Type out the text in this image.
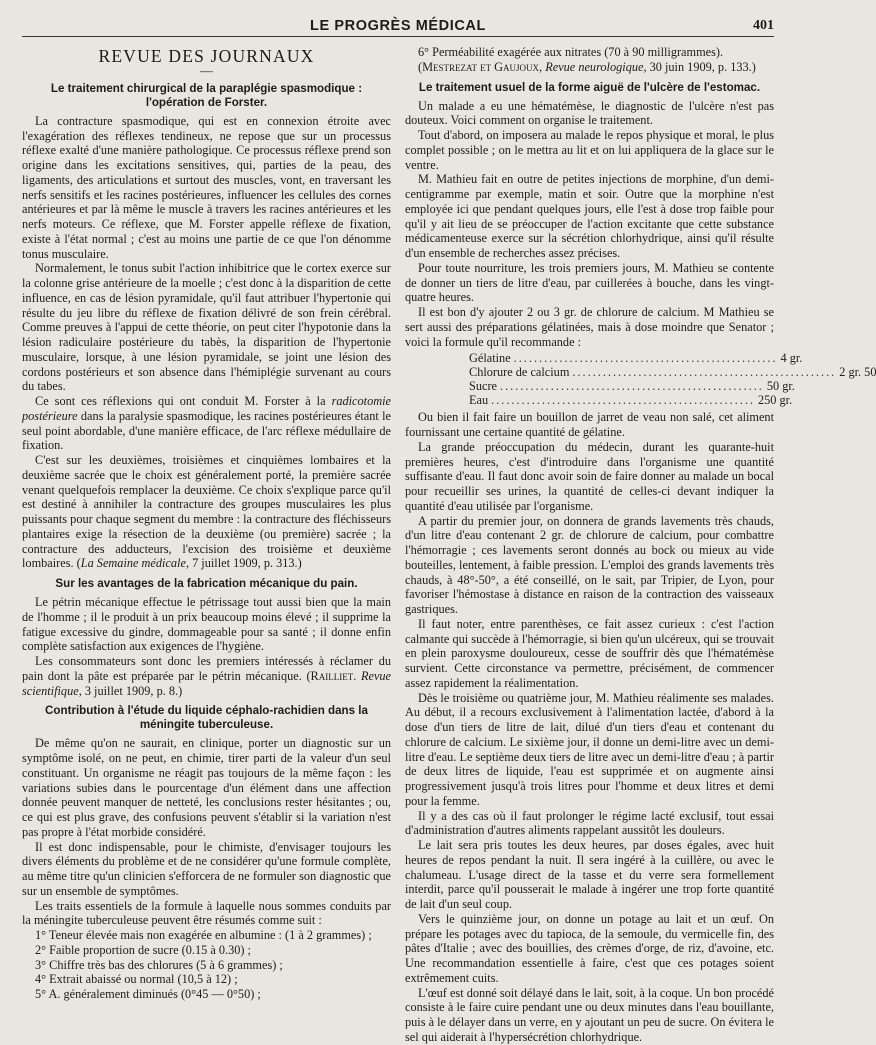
LE PROGRÈS MÉDICAL	401
REVUE DES JOURNAUX
—
Le traitement chirurgical de la paraplégie spasmodique : l'opération de Forster.

La contracture spasmodique, qui est en connexion étroite avec l'exagération des réflexes tendineux, ne repose que sur un processus réflexe exalté d'une manière pathologique. Ce processus réflexe prend son origine dans les excitations sensitives, qui, parties de la peau, des ligaments, des articulations et surtout des muscles, vont, en traversant les nerfs sensitifs et les racines postérieures, influencer les cellules des cornes antérieures et par là même le muscle à travers les racines antérieures et les nerfs moteurs. Ce réflexe, que M. Forster appelle réflexe de fixation, existe à l'état normal ; c'est au moins une partie de ce que l'on dénomme tonus musculaire.

Normalement, le tonus subit l'action inhibitrice que le cortex exerce sur la colonne grise antérieure de la moelle ; c'est donc à la disparition de cette influence, en cas de lésion pyramidale, qu'il faut attribuer l'hypertonie qui résulte du jeu libre du réflexe de fixation délivré de son frein cérébral. Comme preuves à l'appui de cette théorie, on peut citer l'hypotonie dans la lésion radiculaire postérieure du tabès, la disparition de l'hypertonie musculaire, lorsque, à une lésion pyramidale, se joint une lésion des cordons postérieurs et son absence dans l'hémiplégie survenant au cours du tabes.

Ce sont ces réflexions qui ont conduit M. Forster à la radicotomie postérieure dans la paralysie spasmodique, les racines postérieures étant le seul point abordable, d'une manière efficace, de l'arc réflexe médullaire de fixation.

C'est sur les deuxièmes, troisièmes et cinquièmes lombaires et la deuxième sacrée que le choix est généralement porté, la première sacrée venant quelquefois remplacer la deuxième. Ce choix s'explique parce qu'il est destiné à annihiler la contracture des groupes musculaires les plus puissants pour chaque segment du membre : la contracture des fléchisseurs plantaires exige la résection de la deuxième (ou première) sacrée ; la contracture des adducteurs, l'excision des troisième et deuxième lombaires. (La Semaine médicale, 7 juillet 1909, p. 313.)

Sur les avantages de la fabrication mécanique du pain.

Le pétrin mécanique effectue le pétrissage tout aussi bien que la main de l'homme ; il le produit à un prix beaucoup moins élevé ; il supprime la fatigue excessive du gindre, dommageable pour sa santé ; il donne enfin complète satisfaction aux exigences de l'hygiène.

Les consommateurs sont donc les premiers intéressés à réclamer du pain dont la pâte est préparée par le pétrin mécanique. (Railliet. Revue scientifique, 3 juillet 1909, p. 8.)

Contribution à l'étude du liquide céphalo-rachidien dans la méningite tuberculeuse.

De même qu'on ne saurait, en clinique, porter un diagnostic sur un symptôme isolé, on ne peut, en chimie, tirer parti de la valeur d'un seul constituant. Un organisme ne réagit pas toujours de la même façon : les variations subies dans le pourcentage d'un élément dans une affection donnée peuvent manquer de netteté, les conclusions rester hésitantes ; ou, ce qui est plus grave, des confusions peuvent s'établir si la variation n'est pas propre à l'état morbide considéré.

Il est donc indispensable, pour le chimiste, d'envisager toujours les divers éléments du problème et de ne considérer qu'une formule complète, au même titre qu'un clinicien s'efforcera de ne formuler son diagnostic que sur un ensemble de symptômes.

Les traits essentiels de la formule à laquelle nous sommes conduits par la méningite tuberculeuse peuvent être résumés comme suit :

1° Teneur élevée mais non exagérée en albumine : (1 à 2 grammes) ;
2° Faible proportion de sucre (0.15 à 0.30) ;
3° Chiffre très bas des chlorures (5 à 6 grammes) ;
4° Extrait abaissé ou normal (10,5 à 12) ;
5° A. généralement diminués (0°45 — 0°50) ;
6° Perméabilité exagérée aux nitrates (70 à 90 milligrammes).
(Mestrezat et Gaujoux, Revue neurologique, 30 juin 1909, p. 133.)
Le traitement usuel de la forme aiguë de l'ulcère de l'estomac.

Un malade a eu une hématémèse, le diagnostic de l'ulcère n'est pas douteux. Voici comment on organise le traitement.

Tout d'abord, on imposera au malade le repos physique et moral, le plus complet possible ; on le mettra au lit et on lui appliquera de la glace sur le ventre.

M. Mathieu fait en outre de petites injections de morphine, d'un demi-centigramme par exemple, matin et soir. Outre que la morphine n'est employée ici que pendant quelques jours, elle l'est à dose trop faible pour qu'il y ait lieu de se préoccuper de l'action excitante que cette substance médicamenteuse exerce sur la sécrétion chlorhydrique, ainsi qu'il résulte d'un ensemble de recherches assez précises.

Pour toute nourriture, les trois premiers jours, M. Mathieu se contente de donner un tiers de litre d'eau, par cuillerées à bouche, dans les vingt-quatre heures.

Il est bon d'y ajouter 2 ou 3 gr. de chlorure de calcium. M Mathieu se sert aussi des préparations gélatinées, mais à dose moindre que Senator ; voici la formule qu'il recommande :

Gélatine .................................................... 4 gr.
Chlorure de calcium .................................................... 2 gr. 50
Sucre .................................................... 50 gr.
Eau .................................................... 250 gr.

Ou bien il fait faire un bouillon de jarret de veau non salé, cet aliment fournissant une certaine quantité de gélatine.

La grande préoccupation du médecin, durant les quarante-huit premières heures, c'est d'introduire dans l'organisme une quantité suffisante d'eau. Il faut donc avoir soin de faire donner au malade un bocal pour recueillir ses urines, la quantité de celles-ci devant indiquer la quantité d'eau utilisée par l'organisme.

A partir du premier jour, on donnera de grands lavements très chauds, d'un litre d'eau contenant 2 gr. de chlorure de calcium, pour combattre l'hémorragie ; ces lavements seront donnés au bock ou mieux au vide bouteilles, lentement, à faible pression. L'emploi des grands lavements très chauds, à 48°-50°, a été conseillé, on le sait, par Tripier, de Lyon, pour favoriser l'hémostase à distance en raison de la contraction des vaisseaux gastriques.

Il faut noter, entre parenthèses, ce fait assez curieux : c'est l'action calmante qui succède à l'hémorragie, si bien qu'un ulcéreux, qui se trouvait en plein paroxysme douloureux, cesse de souffrir dès que l'hématémèse survient. Cette circonstance va permettre, précisément, de commencer assez rapidement la réalimentation.

Dès le troisième ou quatrième jour, M. Mathieu réalimente ses malades. Au début, il a recours exclusivement à l'alimentation lactée, d'abord à la dose d'un tiers de litre de lait, dilué d'un tiers d'eau et contenant du chlorure de calcium. Le sixième jour, il donne un demi-litre avec un demi-litre d'eau. Le septième deux tiers de litre avec un demi-litre d'eau ; à partir de deux litres de liquide, l'eau est supprimée et on augmente ainsi progressivement jusqu'à trois litres pour l'homme et deux litres et demi pour la femme.

Il y a des cas où il faut prolonger le régime lacté exclusif, tout essai d'administration d'autres aliments rappelant aussitôt les douleurs.

Le lait sera pris toutes les deux heures, par doses égales, avec huit heures de repos pendant la nuit. Il sera ingéré à la cuillère, ou avec le chalumeau. L'usage direct de la tasse et du verre sera formellement interdit, parce qu'il pousserait le malade à ingérer une trop forte quantité de lait d'un seul coup.

Vers le quinzième jour, on donne un potage au lait et un œuf. On prépare les potages avec du tapioca, de la semoule, du vermicelle fin, des pâtes d'Italie ; avec des bouillies, des crèmes d'orge, de riz, d'avoine, etc. Une recommandation essentielle à faire, c'est que ces potages soient extrêmement cuits.

L'œuf est donné soit délayé dans le lait, soit, à la coque. Un bon procédé consiste à le faire cuire pendant une ou deux minutes dans l'eau bouillante, puis à le délayer dans un verre, en y ajoutant un peu de sucre. On évitera le sel qui aiderait à l'hypersécrétion chlorhydrique.
